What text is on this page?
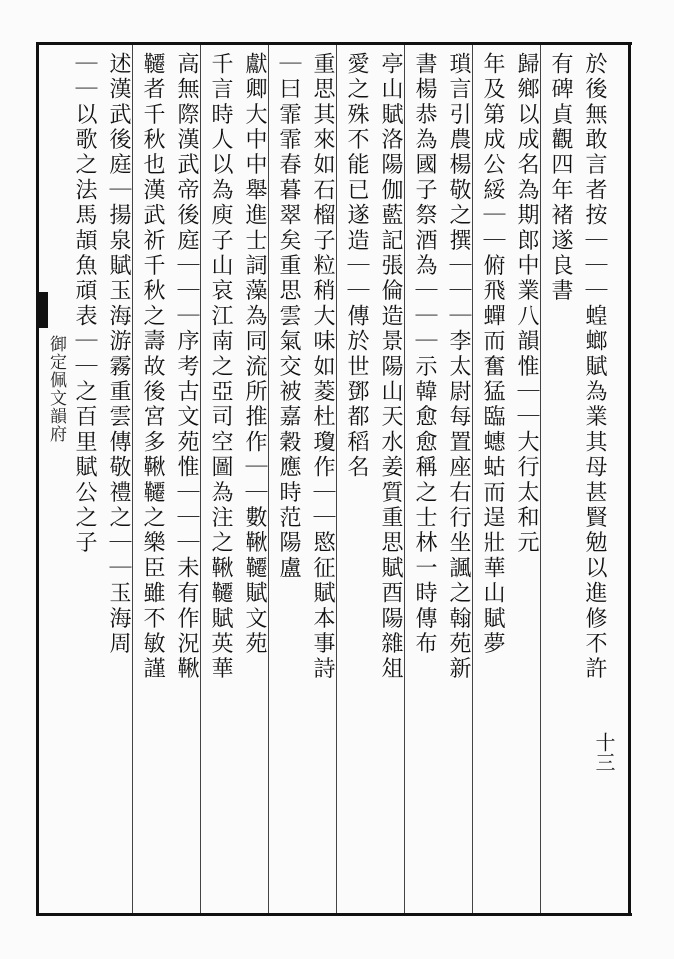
御定佩文韻府
十三
於後無敢言者按｜｜｜蝗螂賦為業其母甚賢勉以進修不許
有碑貞觀四年褚遂良書
歸鄉以成名為期郎中業八韻惟｜｜大行太和元
年及第成公綏｜｜俯飛蟬而奮猛臨蟪蛄而逞壯華山賦夢
瑣言引農楊敬之撰｜｜｜李太尉每置座右行坐諷之翰苑新
書楊恭為國子祭酒為｜｜｜示韓愈愈稱之士林一時傳布
亭山賦洛陽伽藍記張倫造景陽山天水姜質重思賦酉陽雜俎
愛之殊不能已遂造｜｜傳於世鄧都稻名
重思其來如石榴子粒稍大味如菱杜瓊作｜｜愍征賦本事詩
｜曰霏霏春暮翠矣重思雲氣交被嘉穀應時范陽盧
獻卿大中中舉進士詞藻為同流所推作｜｜數鞦韆賦文苑
千言時人以為庾子山哀江南之亞司空圖為注之鞦韆賦英華
高無際漢武帝後庭｜｜｜序考古文苑惟｜｜｜未有作況鞦
韆者千秋也漢武祈千秋之壽故後宮多鞦韆之樂臣雖不敏謹
述漢武後庭｜揚泉賦玉海游霧重雲傳敬禮之｜｜玉海周
｜｜以歌之法馬頡魚頑表｜｜之百里賦公之子
